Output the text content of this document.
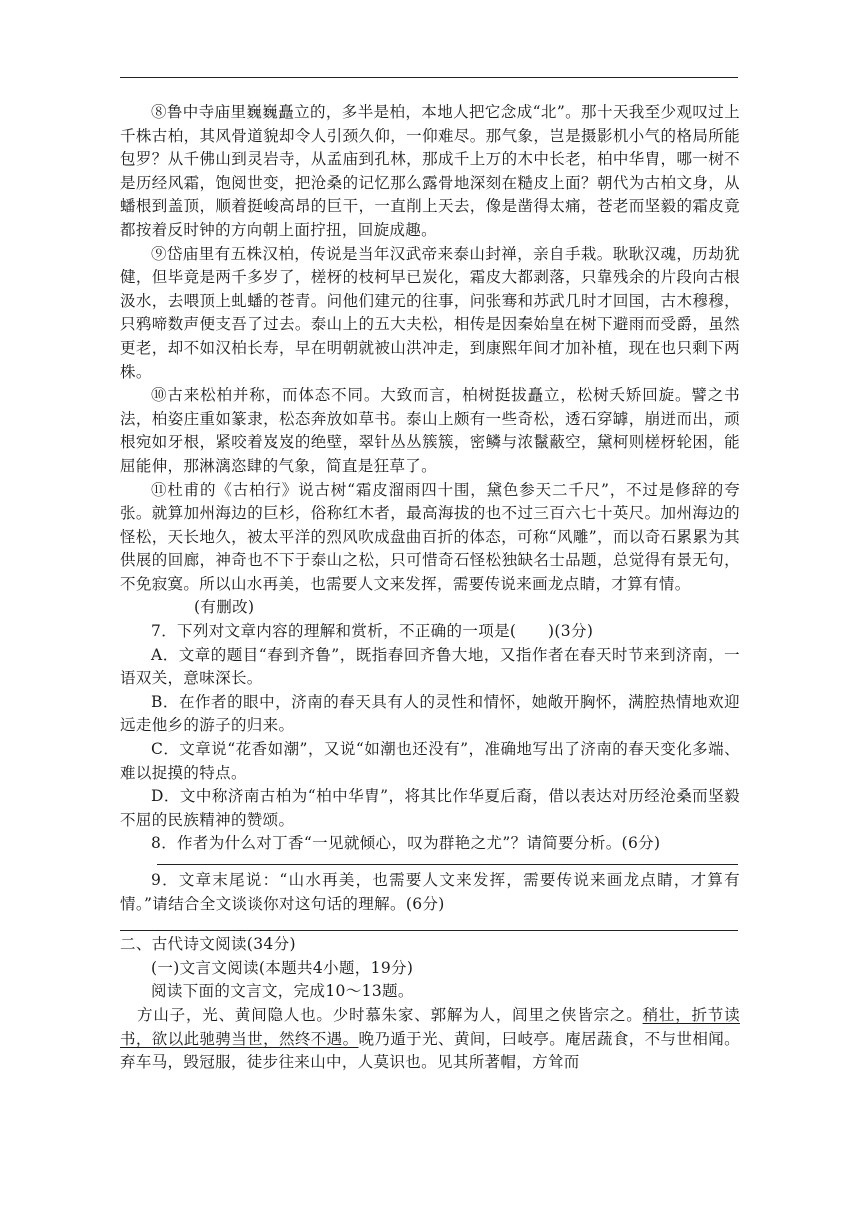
⑧鲁中寺庙里巍巍矗立的，多半是柏，本地人把它念成“北”。那十天我至少观叹过上千株古柏，其风骨道貌却令人引颈久仰，一仰难尽。那气象，岂是摄影机小气的格局所能包罗？从千佛山到灵岩寺，从孟庙到孔林，那成千上万的木中长老，柏中华胄，哪一树不是历经风霜，饱阅世变，把沧桑的记忆那么露骨地深刻在糙皮上面？朝代为古柏文身，从蟠根到盖顶，顺着挺峻高昂的巨干，一直削上天去，像是凿得太痛，苍老而坚毅的霜皮竟都按着反时钟的方向朝上面拧扭，回旋成趣。

⑨岱庙里有五株汉柏，传说是当年汉武帝来泰山封禅，亲自手栽。耿耿汉魂，历劫犹健，但毕竟是两千多岁了，槎枒的枝柯早已炭化，霜皮大都剥落，只靠残余的片段向古根汲水，去喂顶上虬蟠的苍青。问他们建元的往事，问张骞和苏武几时才回国，古木穆穆，只鸦啼数声便支吾了过去。泰山上的五大夫松，相传是因秦始皇在树下避雨而受爵，虽然更老，却不如汉柏长寿，早在明朝就被山洪冲走，到康熙年间才加补植，现在也只剩下两株。

⑩古来松柏并称，而体态不同。大致而言，柏树挺拔矗立，松树夭矫回旋。譬之书法，柏姿庄重如篆隶，松态奔放如草书。泰山上颇有一些奇松，透石穿罅，崩迸而出，顽根宛如牙根，紧咬着岌岌的绝壁，翠针丛丛簇簇，密鳞与浓鬣蔽空，黛柯则槎枒轮困，能屈能伸，那淋漓恣肆的气象，简直是狂草了。

⑪杜甫的《古柏行》说古树“霜皮溜雨四十围，黛色参天二千尺”，不过是修辞的夸张。就算加州海边的巨杉，俗称红木者，最高海拔的也不过三百六七十英尺。加州海边的怪松，天长地久，被太平洋的烈风吹成盘曲百折的体态，可称“风雕”，而以奇石累累为其供展的回廊，神奇也不下于泰山之松，只可惜奇石怪松独缺名士品题，总觉得有景无句，不免寂寞。所以山水再美，也需要人文来发挥，需要传说来画龙点睛，才算有情。

(有删改)

7．下列对文章内容的理解和赏析，不正确的一项是(　　)(3分)

A．文章的题目“春到齐鲁”，既指春回齐鲁大地，又指作者在春天时节来到济南，一语双关，意味深长。

B．在作者的眼中，济南的春天具有人的灵性和情怀，她敞开胸怀，满腔热情地欢迎远走他乡的游子的归来。

C．文章说“花香如潮”，又说“如潮也还没有”，准确地写出了济南的春天变化多端、难以捉摸的特点。

D．文中称济南古柏为“柏中华胄”，将其比作华夏后裔，借以表达对历经沧桑而坚毅不屈的民族精神的赞颂。

8．作者为什么对丁香“一见就倾心，叹为群艳之尤”？请简要分析。(6分)

9．文章末尾说：“山水再美，也需要人文来发挥，需要传说来画龙点睛，才算有情。”请结合全文谈谈你对这句话的理解。(6分)

二、古代诗文阅读(34分)

(一)文言文阅读(本题共4小题，19分)

阅读下面的文言文，完成10～13题。

方山子，光、黄间隐人也。少时慕朱家、郭解为人，闾里之侠皆宗之。稍壮，折节读书，欲以此驰骋当世，然终不遇。晚乃遁于光、黄间，曰岐亭。庵居蔬食，不与世相闻。弃车马，毁冠服，徒步往来山中，人莫识也。见其所著帽，方耸而
